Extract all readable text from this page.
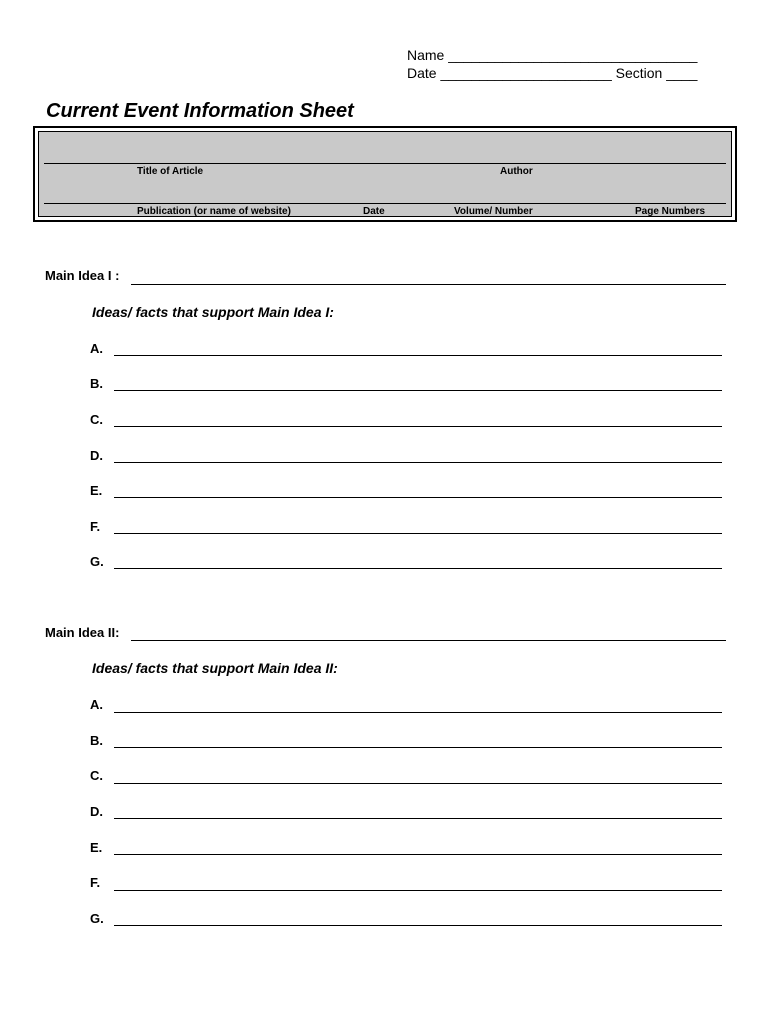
Name ________________________________
Date ______________________ Section ____
Current Event Information Sheet
Title of Article	Author
Publication (or name of website)	Date	Volume/ Number	Page Numbers
Main Idea I :
Ideas/ facts that support Main Idea I:
A.
B.
C.
D.
E.
F.
G.
Main Idea II:
Ideas/ facts that support Main Idea II:
A.
B.
C.
D.
E.
F.
G.
